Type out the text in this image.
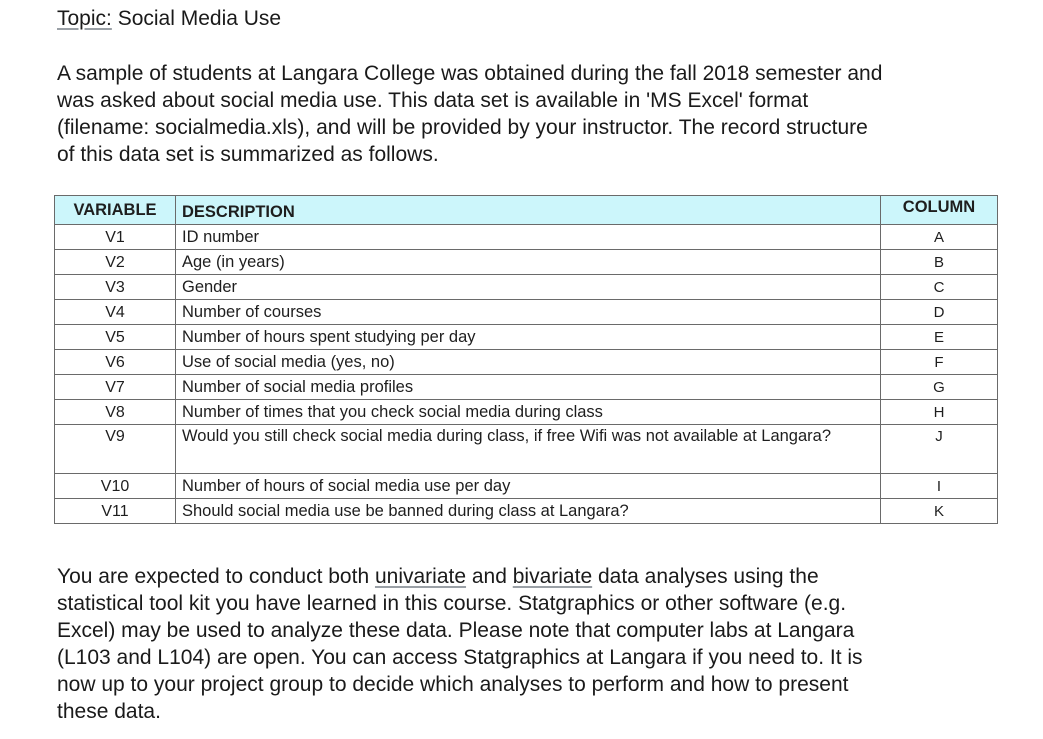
Topic: Social Media Use

A sample of students at Langara College was obtained during the fall 2018 semester and was asked about social media use. This data set is available in 'MS Excel' format (filename: socialmedia.xls), and will be provided by your instructor. The record structure of this data set is summarized as follows.

VARIABLE	DESCRIPTION	COLUMN
V1	ID number	A
V2	Age (in years)	B
V3	Gender	C
V4	Number of courses	D
V5	Number of hours spent studying per day	E
V6	Use of social media (yes, no)	F
V7	Number of social media profiles	G
V8	Number of times that you check social media during class	H
V9	Would you still check social media during class, if free Wifi was not available at Langara?	J
V10	Number of hours of social media use per day	I
V11	Should social media use be banned during class at Langara?	K

You are expected to conduct both univariate and bivariate data analyses using the statistical tool kit you have learned in this course. Statgraphics or other software (e.g. Excel) may be used to analyze these data. Please note that computer labs at Langara (L103 and L104) are open. You can access Statgraphics at Langara if you need to. It is now up to your project group to decide which analyses to perform and how to present these data.
